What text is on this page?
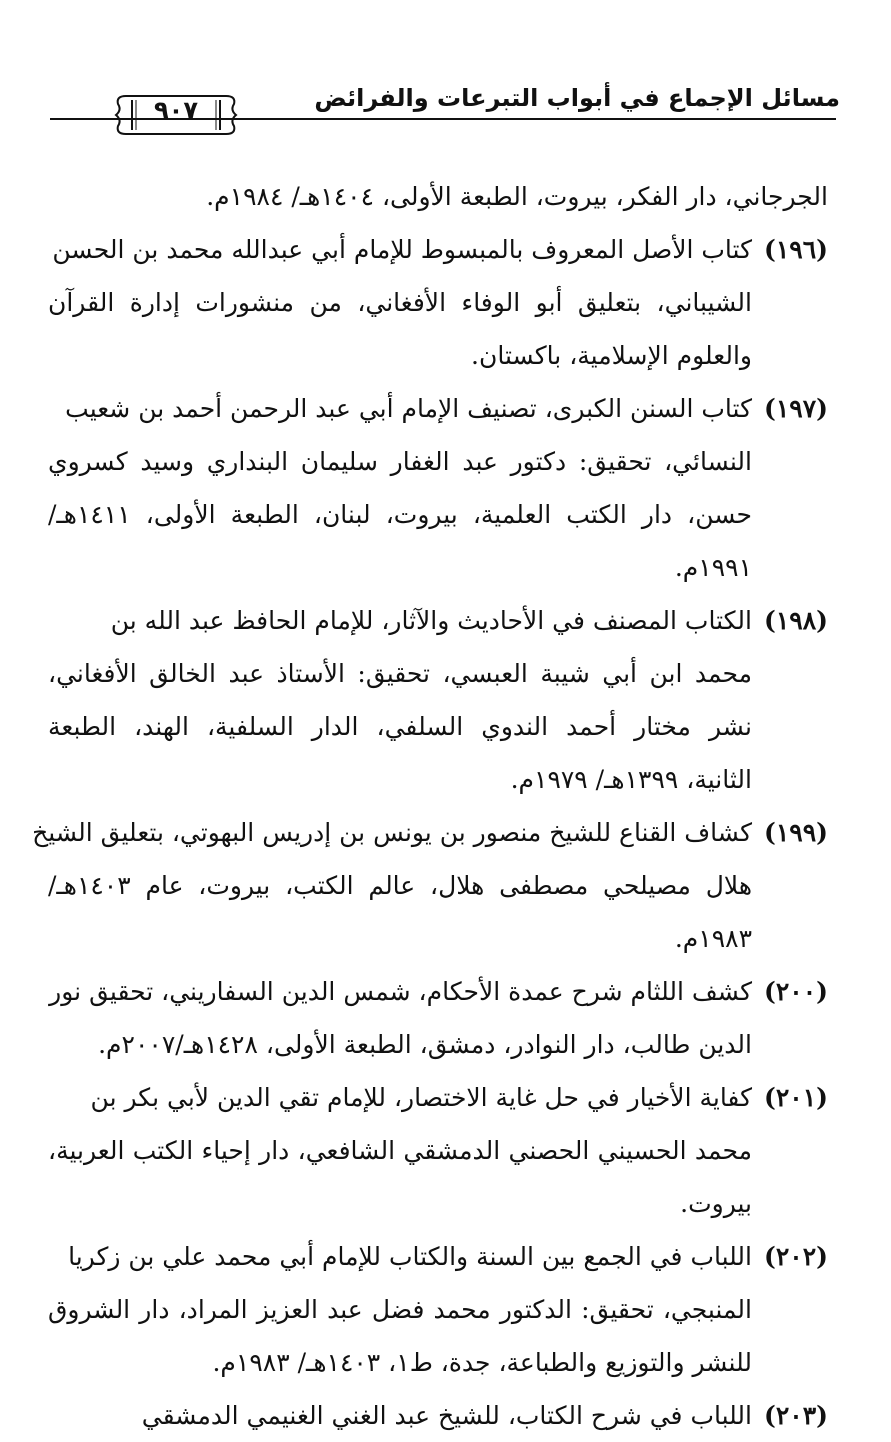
مسائل الإجماع في أبواب التبرعات والفرائض
٩٠٧
الجرجاني، دار الفكر، بيروت، الطبعة الأولى، ١٤٠٤هـ/ ١٩٨٤م.
(١٩٦)كتاب الأصل المعروف بالمبسوط للإمام أبي عبدالله محمد بن الحسن
الشيباني، بتعليق أبو الوفاء الأفغاني، من منشورات إدارة القرآن
والعلوم الإسلامية، باكستان.
(١٩٧)كتاب السنن الكبرى، تصنيف الإمام أبي عبد الرحمن أحمد بن شعيب
النسائي، تحقيق: دكتور عبد الغفار سليمان البنداري وسيد كسروي
حسن، دار الكتب العلمية، بيروت، لبنان، الطبعة الأولى، ١٤١١هـ/
١٩٩١م.
(١٩٨)الكتاب المصنف في الأحاديث والآثار، للإمام الحافظ عبد الله بن
محمد ابن أبي شيبة العبسي، تحقيق: الأستاذ عبد الخالق الأفغاني،
نشر مختار أحمد الندوي السلفي، الدار السلفية، الهند، الطبعة
الثانية، ١٣٩٩هـ/ ١٩٧٩م.
(١٩٩)كشاف القناع للشيخ منصور بن يونس بن إدريس البهوتي، بتعليق الشيخ
هلال مصيلحي مصطفى هلال، عالم الكتب، بيروت، عام ١٤٠٣هـ/
١٩٨٣م.
(٢٠٠)كشف اللثام شرح عمدة الأحكام، شمس الدين السفاريني، تحقيق نور
الدين طالب، دار النوادر، دمشق، الطبعة الأولى، ١٤٢٨هـ/٢٠٠٧م.
(٢٠١)كفاية الأخيار في حل غاية الاختصار، للإمام تقي الدين لأبي بكر بن
محمد الحسيني الحصني الدمشقي الشافعي، دار إحياء الكتب العربية،
بيروت.
(٢٠٢)اللباب في الجمع بين السنة والكتاب للإمام أبي محمد علي بن زكريا
المنبجي، تحقيق: الدكتور محمد فضل عبد العزيز المراد، دار الشروق
للنشر والتوزيع والطباعة، جدة، ط١، ١٤٠٣هـ/ ١٩٨٣م.
(٢٠٣)اللباب في شرح الكتاب، للشيخ عبد الغني الغنيمي الدمشقي
